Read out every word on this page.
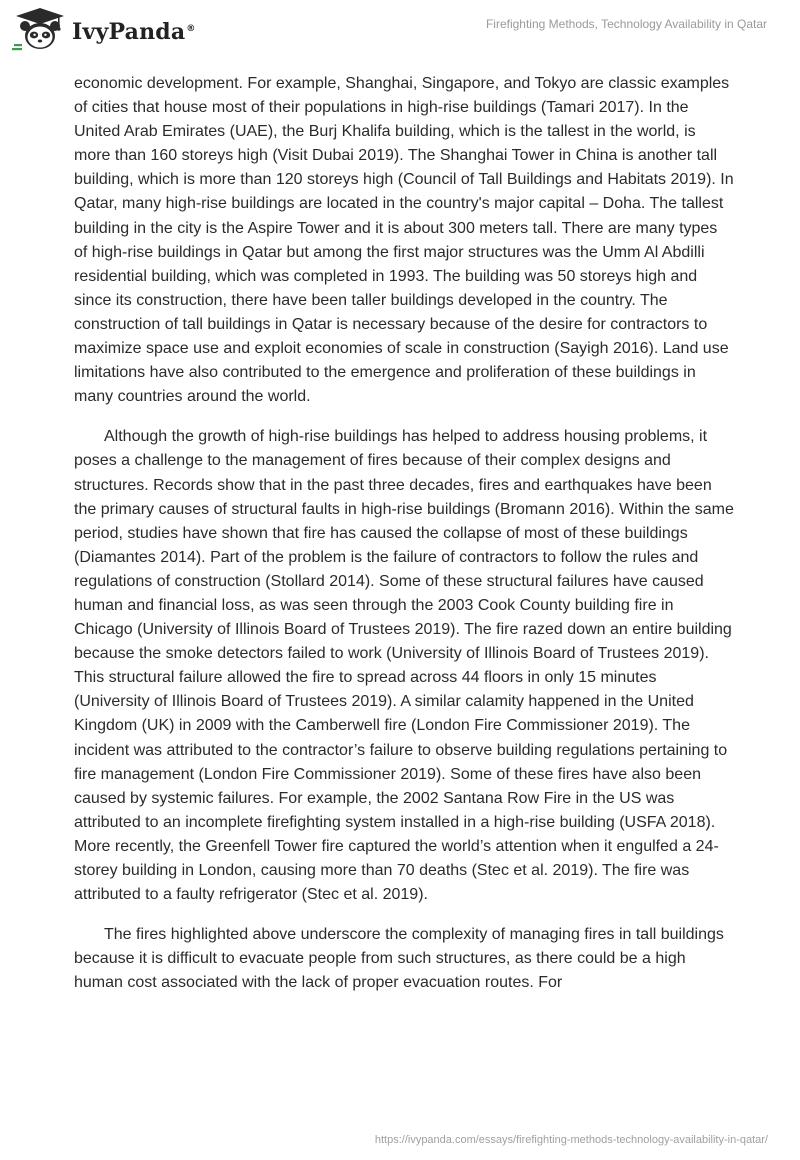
IvyPanda®	Firefighting Methods, Technology Availability in Qatar

economic development. For example, Shanghai, Singapore, and Tokyo are classic examples of cities that house most of their populations in high-rise buildings (Tamari 2017). In the United Arab Emirates (UAE), the Burj Khalifa building, which is the tallest in the world, is more than 160 storeys high (Visit Dubai 2019). The Shanghai Tower in China is another tall building, which is more than 120 storeys high (Council of Tall Buildings and Habitats 2019). In Qatar, many high-rise buildings are located in the country's major capital – Doha. The tallest building in the city is the Aspire Tower and it is about 300 meters tall. There are many types of high-rise buildings in Qatar but among the first major structures was the Umm Al Abdilli residential building, which was completed in 1993. The building was 50 storeys high and since its construction, there have been taller buildings developed in the country. The construction of tall buildings in Qatar is necessary because of the desire for contractors to maximize space use and exploit economies of scale in construction (Sayigh 2016). Land use limitations have also contributed to the emergence and proliferation of these buildings in many countries around the world.

Although the growth of high-rise buildings has helped to address housing problems, it poses a challenge to the management of fires because of their complex designs and structures. Records show that in the past three decades, fires and earthquakes have been the primary causes of structural faults in high-rise buildings (Bromann 2016). Within the same period, studies have shown that fire has caused the collapse of most of these buildings (Diamantes 2014). Part of the problem is the failure of contractors to follow the rules and regulations of construction (Stollard 2014). Some of these structural failures have caused human and financial loss, as was seen through the 2003 Cook County building fire in Chicago (University of Illinois Board of Trustees 2019). The fire razed down an entire building because the smoke detectors failed to work (University of Illinois Board of Trustees 2019). This structural failure allowed the fire to spread across 44 floors in only 15 minutes (University of Illinois Board of Trustees 2019). A similar calamity happened in the United Kingdom (UK) in 2009 with the Camberwell fire (London Fire Commissioner 2019). The incident was attributed to the contractor’s failure to observe building regulations pertaining to fire management (London Fire Commissioner 2019). Some of these fires have also been caused by systemic failures. For example, the 2002 Santana Row Fire in the US was attributed to an incomplete firefighting system installed in a high-rise building (USFA 2018). More recently, the Greenfell Tower fire captured the world’s attention when it engulfed a 24-storey building in London, causing more than 70 deaths (Stec et al. 2019). The fire was attributed to a faulty refrigerator (Stec et al. 2019).

The fires highlighted above underscore the complexity of managing fires in tall buildings because it is difficult to evacuate people from such structures, as there could be a high human cost associated with the lack of proper evacuation routes. For

https://ivypanda.com/essays/firefighting-methods-technology-availability-in-qatar/
